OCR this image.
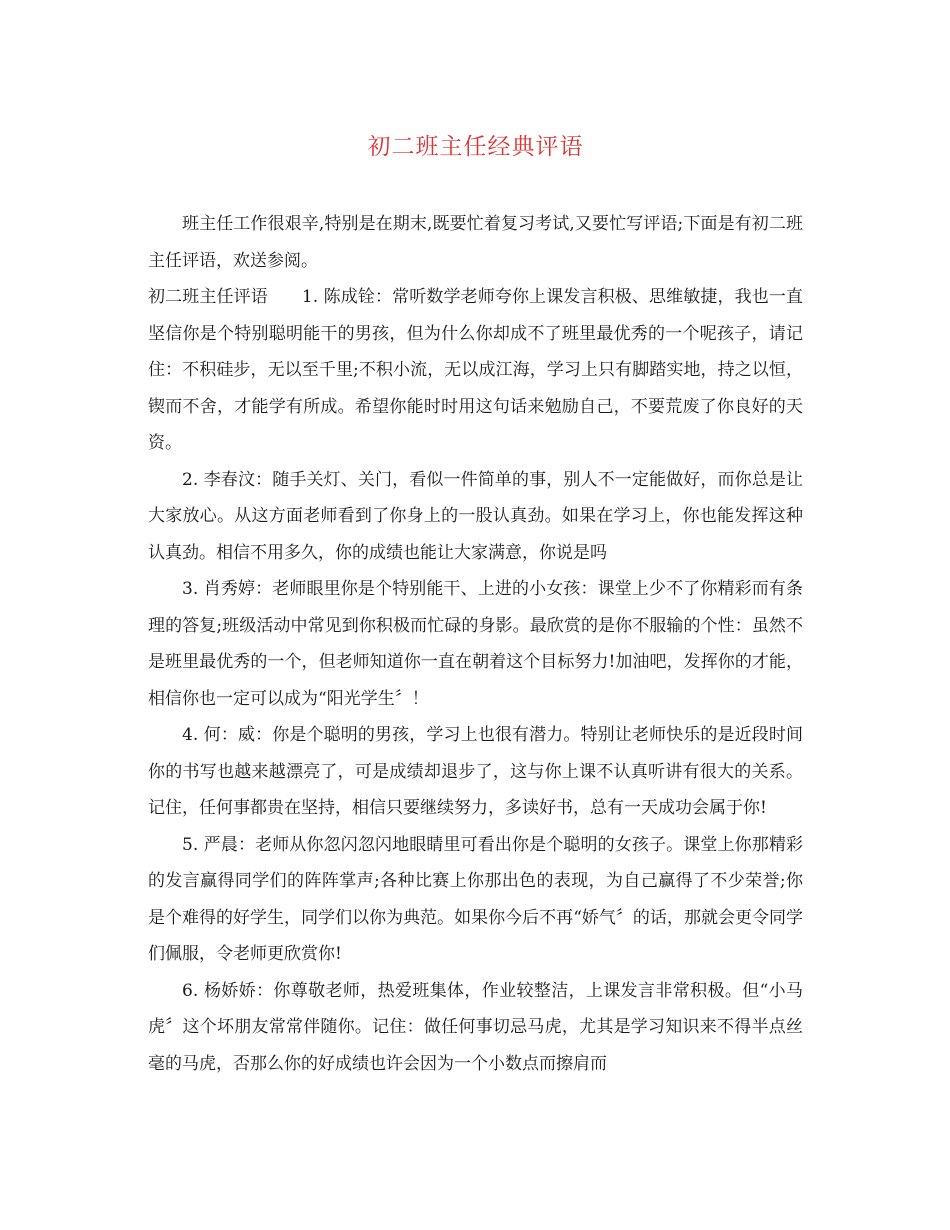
初二班主任经典评语

班主任工作很艰辛,特别是在期末,既要忙着复习考试,又要忙写评语;下面是有初二班主任评语，欢送参阅。

初二班主任评语 1. 陈成铨：常听数学老师夸你上课发言积极、思维敏捷，我也一直坚信你是个特别聪明能干的男孩，但为什么你却成不了班里最优秀的一个呢孩子，请记住：不积硅步，无以至千里;不积小流，无以成江海，学习上只有脚踏实地，持之以恒，锲而不舍，才能学有所成。希望你能时时用这句话来勉励自己，不要荒废了你良好的天资。

2. 李春汶：随手关灯、关门，看似一件简单的事，别人不一定能做好，而你总是让大家放心。从这方面老师看到了你身上的一股认真劲。如果在学习上，你也能发挥这种认真劲。相信不用多久，你的成绩也能让大家满意，你说是吗

3. 肖秀婷：老师眼里你是个特别能干、上进的小女孩：课堂上少不了你精彩而有条理的答复;班级活动中常见到你积极而忙碌的身影。最欣赏的是你不服输的个性：虽然不是班里最优秀的一个，但老师知道你一直在朝着这个目标努力!加油吧，发挥你的才能，相信你也一定可以成为“阳光学生〞！

4. 何：威：你是个聪明的男孩，学习上也很有潜力。特别让老师快乐的是近段时间你的书写也越来越漂亮了，可是成绩却退步了，这与你上课不认真听讲有很大的关系。记住，任何事都贵在坚持，相信只要继续努力，多读好书，总有一天成功会属于你!

5. 严晨：老师从你忽闪忽闪地眼睛里可看出你是个聪明的女孩子。课堂上你那精彩的发言赢得同学们的阵阵掌声;各种比赛上你那出色的表现，为自己赢得了不少荣誉;你是个难得的好学生，同学们以你为典范。如果你今后不再“娇气〞的话，那就会更令同学们佩服，令老师更欣赏你!

6. 杨娇娇：你尊敬老师，热爱班集体，作业较整洁，上课发言非常积极。但“小马虎〞这个坏朋友常常伴随你。记住：做任何事切忌马虎，尤其是学习知识来不得半点丝毫的马虎，否那么你的好成绩也许会因为一个小数点而擦肩而
